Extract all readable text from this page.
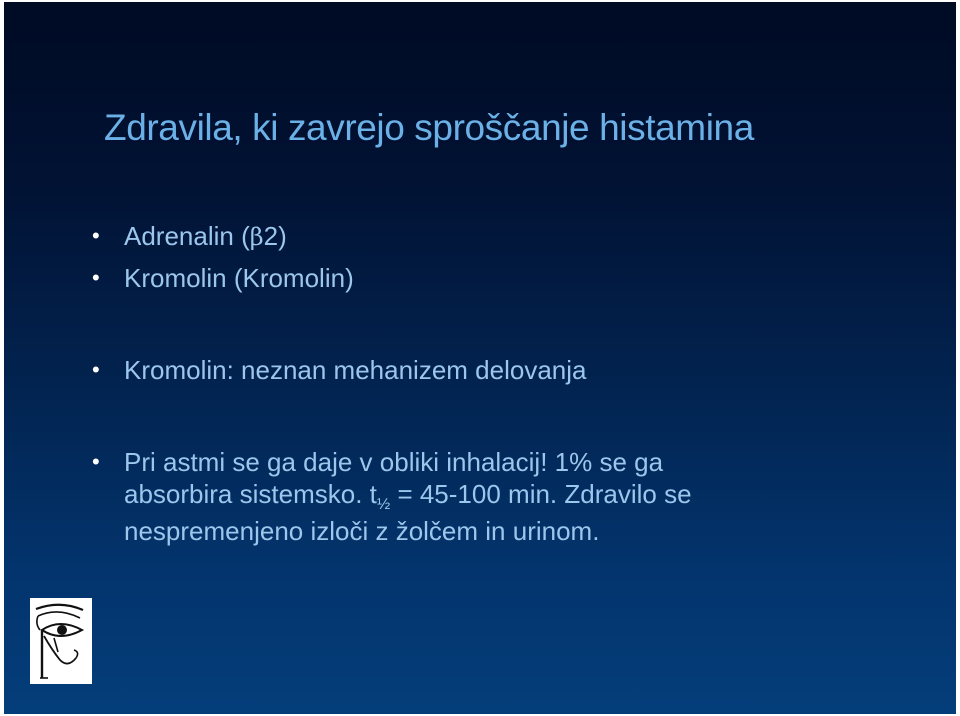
Zdravila, ki zavrejo sproščanje histamina

• Adrenalin (β2)

• Kromolin (Kromolin)

• Kromolin: neznan mehanizem delovanja

• Pri astmi se ga daje v obliki inhalacij! 1% se ga
absorbira sistemsko. $t_{\frac{1}{2}} = 45-100$ min. Zdravilo se
nespremenjeno izloči z žolčem in urinom.
